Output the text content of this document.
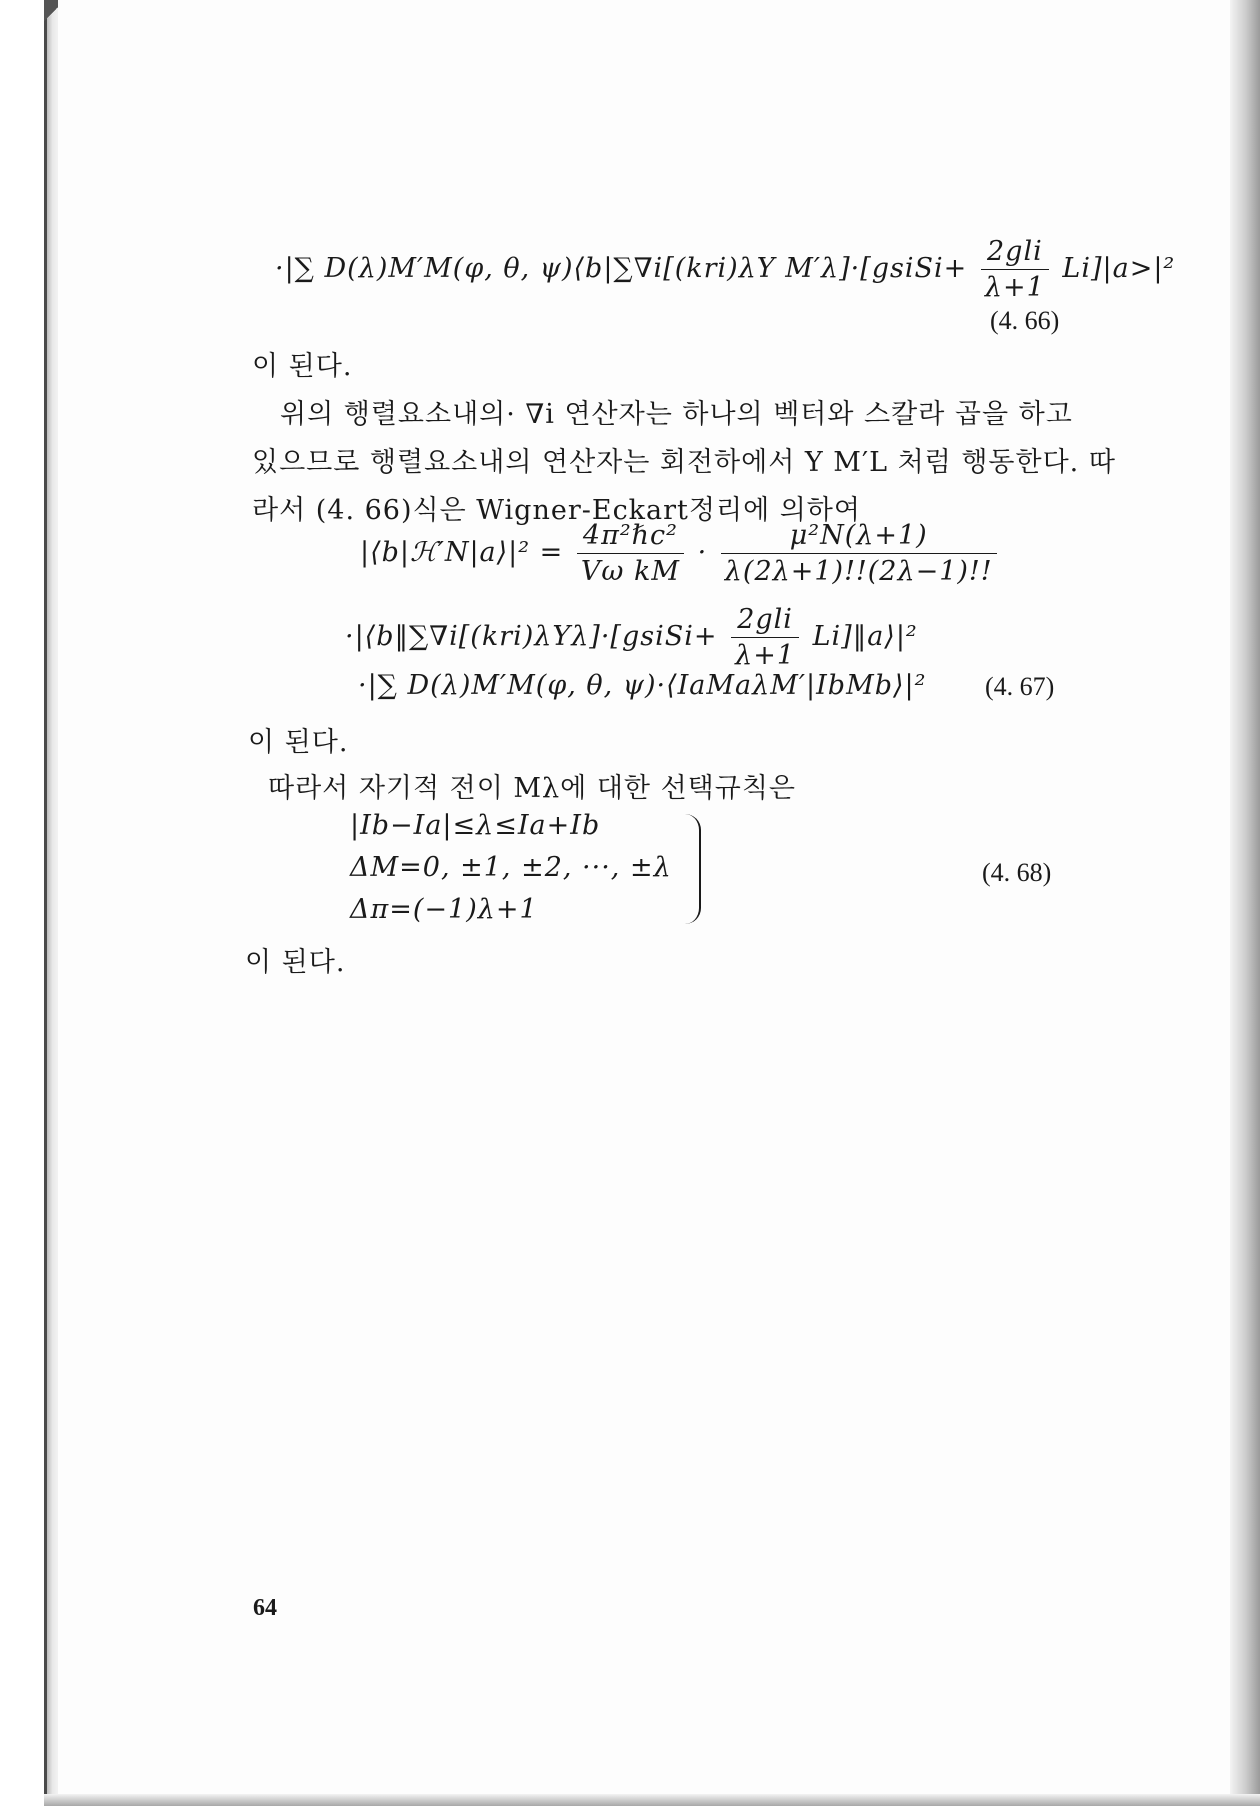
·|∑ D(λ)M′M(φ, θ, ψ)⟨b|∑∇i[(kri)λY M′λ]·[gsiSi+ $\frac{\text{2gli}}{\lambda+1} Li]|a>|^2$
(4. 66)
이 된다.
위의 행렬요소내의· ∇i 연산자는 하나의 벡터와 스칼라 곱을 하고
있으므로 행렬요소내의 연산자는 회전하에서 Y M′L 처럼 행동한다. 따
라서 (4. 66)식은 Wigner-Eckart정리에 의하여
|⟨b|ℋ′N|a⟩|² = $\frac{\text{4π²ℏc²}}{\text{Vω kM}} \cdot \frac{\text{μ²N(λ+1)}}{\lambda(2\lambda+1)!!(2\lambda-1)!!}$
·|⟨b‖∑∇i[(kri)λYλ]·[gsiSi+ $\frac{\text{2gli}}{\lambda+1}$ Li]‖a⟩|²
·|∑ D(λ)M′M(φ, θ, ψ)·⟨IaMaλM′|IbMb⟩|² (4. 67)
이 된다.
따라서 자기적 전이 Mλ에 대한 선택규칙은
|Ib−Ia|≤λ≤Ia+Ib
ΔM=0, ±1, ±2, ···, ±λ
Δπ=(−1)λ+1
(4. 68)
이 된다.
64
